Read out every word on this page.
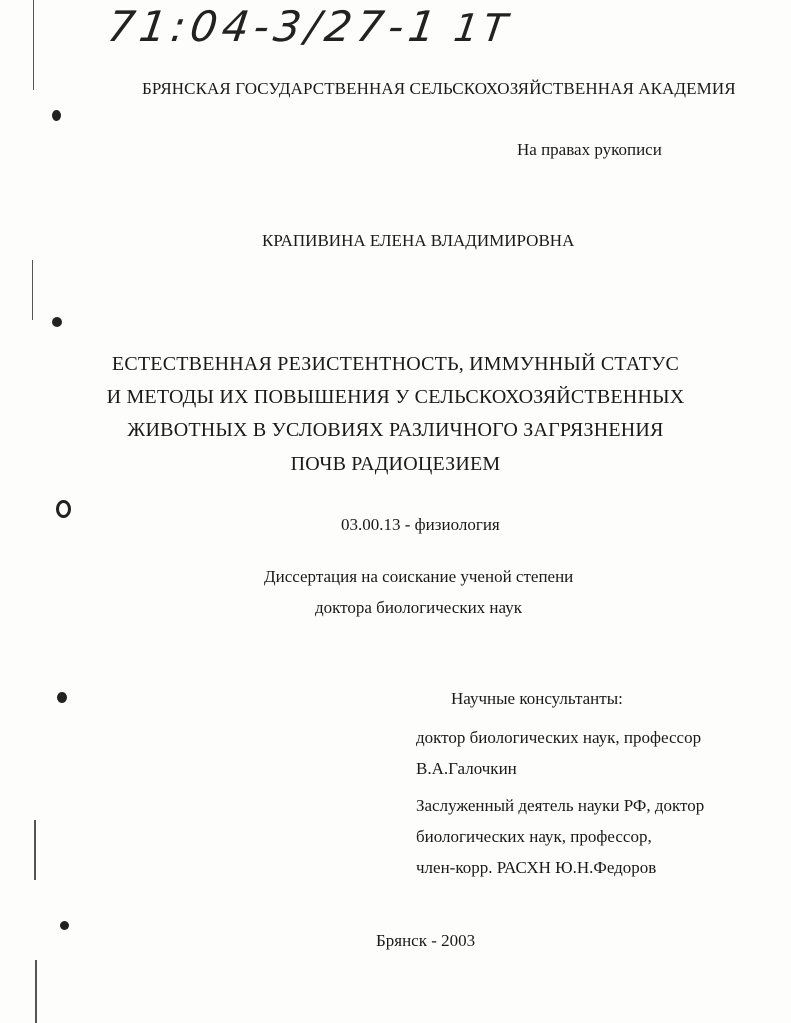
71:04-3/27-1 1Т
БРЯНСКАЯ ГОСУДАРСТВЕННАЯ СЕЛЬСКОХОЗЯЙСТВЕННАЯ АКАДЕМИЯ
На правах рукописи
КРАПИВИНА ЕЛЕНА ВЛАДИМИРОВНА
ЕСТЕСТВЕННАЯ РЕЗИСТЕНТНОСТЬ, ИММУННЫЙ СТАТУС
И МЕТОДЫ ИХ ПОВЫШЕНИЯ У СЕЛЬСКОХОЗЯЙСТВЕННЫХ
ЖИВОТНЫХ В УСЛОВИЯХ РАЗЛИЧНОГО ЗАГРЯЗНЕНИЯ
ПОЧВ РАДИОЦЕЗИЕМ
03.00.13 - физиология
Диссертация на соискание ученой степени
доктора биологических наук
Научные консультанты:
доктор биологических наук, профессор
В.А.Галочкин
Заслуженный деятель науки РФ, доктор
биологических наук, профессор,
член-корр. РАСХН Ю.Н.Федоров
Брянск - 2003
